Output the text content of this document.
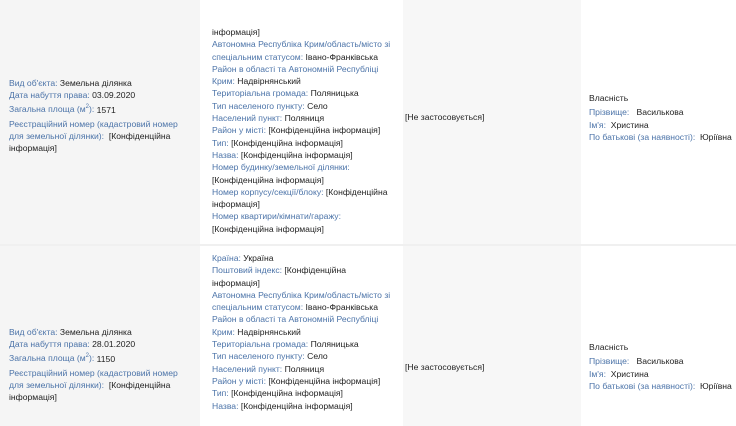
Вид об'єкта: Земельна ділянка
Дата набуття права: 03.09.2020
Загальна площа $(м^2)$: 1571
Реєстраційний номер (кадастровий номер
для земельної ділянки): [Конфіденційна
інформація]
інформація]
Автономна Республіка Крим/область/місто зі
спеціальним статусом: Івано-Франківська
Район в області та Автономній Республіці
Крим: Надвірнянський
Територіальна громада: Поляницька
Тип населеного пункту: Село
Населений пункт: Поляниця
Район у місті: [Конфіденційна інформація]
Тип: [Конфіденційна інформація]
Назва: [Конфіденційна інформація]
Номер будинку/земельної ділянки:
[Конфіденційна інформація]
Номер корпусу/секції/блоку: [Конфіденційна
інформація]
Номер квартири/кімнати/гаражу:
[Конфіденційна інформація]
[Не застосовується]
Власність
Прізвище: Василькова
Ім'я: Христина
По батькові (за наявності): Юріївна
Вид об'єкта: Земельна ділянка
Дата набуття права: 28.01.2020
Загальна площа $(м^2)$: 1150
Реєстраційний номер (кадастровий номер
для земельної ділянки): [Конфіденційна
інформація]
Країна: Україна
Поштовий індекс: [Конфіденційна
інформація]
Автономна Республіка Крим/область/місто зі
спеціальним статусом: Івано-Франківська
Район в області та Автономній Республіці
Крим: Надвірнянський
Територіальна громада: Поляницька
Тип населеного пункту: Село
Населений пункт: Поляниця
Район у місті: [Конфіденційна інформація]
Тип: [Конфіденційна інформація]
Назва: [Конфіденційна інформація]
[Не застосовується]
Власність
Прізвище: Василькова
Ім'я: Христина
По батькові (за наявності): Юріївна
